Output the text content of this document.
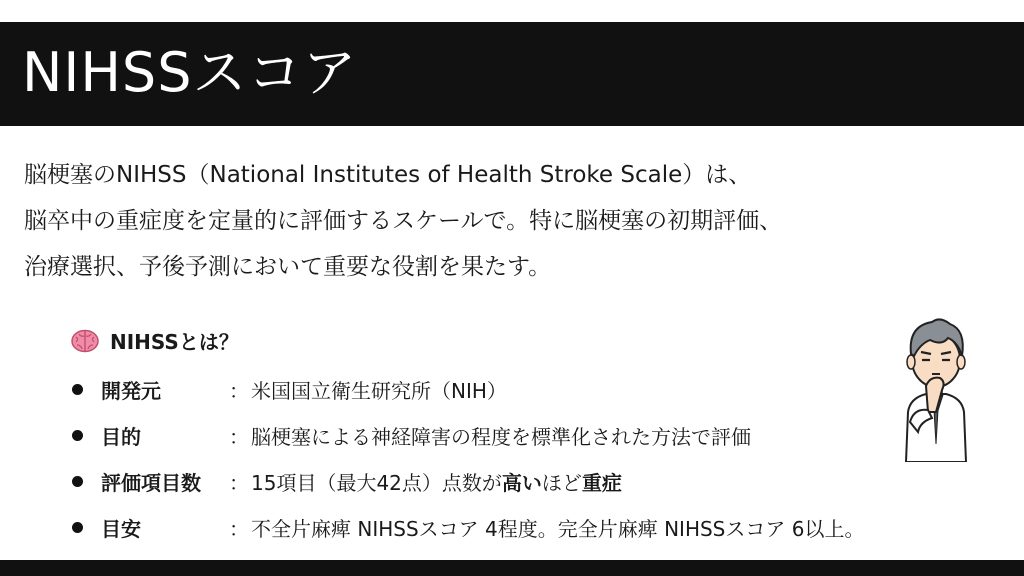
NIHSSスコア
脳梗塞のNIHSS（National Institutes of Health Stroke Scale）は、
脳卒中の重症度を定量的に評価するスケールで。特に脳梗塞の初期評価、
治療選択、予後予測において重要な役割を果たす。
NIHSSとは？
開発元	： 米国国立衛生研究所（NIH）
目的	： 脳梗塞による神経障害の程度を標準化された方法で評価
評価項目数	： 15項目（最大42点）点数が高いほど重症
目安	： 不全片麻痺 NIHSSスコア 4程度。完全片麻痺 NIHSSスコア 6以上。
